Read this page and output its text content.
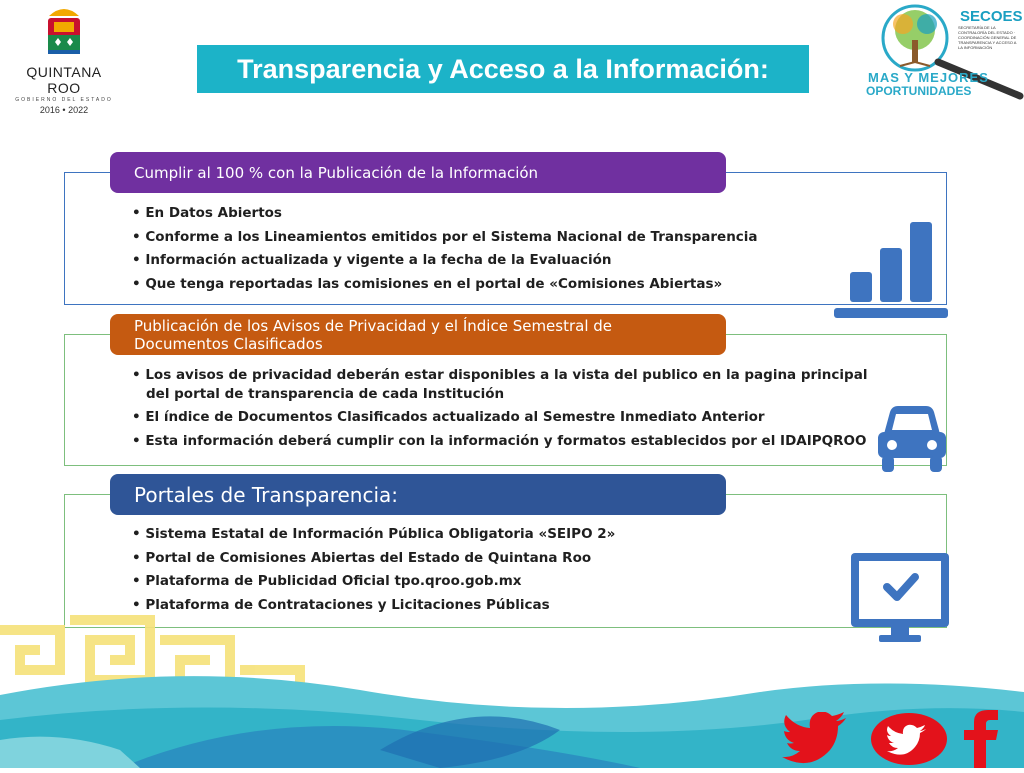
QUINTANA ROO
GOBIERNO DEL ESTADO
2016 • 2022
Transparencia y Acceso a la Información:
SECOES
SECRETARÍA DE LA CONTRALORÍA DEL ESTADO · COORDINACIÓN GENERAL DE TRANSPARENCIA Y ACCESO A LA INFORMACIÓN
MAS Y MEJORES
OPORTUNIDADES
Cumplir al 100 % con la Publicación de la Información
• En Datos Abiertos
• Conforme a los Lineamientos emitidos por el Sistema Nacional de Transparencia
• Información actualizada y vigente a la fecha de la Evaluación
• Que tenga reportadas las comisiones en el portal de «Comisiones Abiertas»
Publicación de los Avisos de Privacidad y el Índice Semestral de Documentos Clasificados
• Los avisos de privacidad deberán estar disponibles a la vista del publico en la pagina principal del portal de transparencia de cada Institución
• El índice de Documentos Clasificados actualizado al Semestre Inmediato Anterior
• Esta información deberá cumplir con la información y formatos establecidos por el IDAIPQROO
Portales de Transparencia:
• Sistema Estatal de Información Pública Obligatoria «SEIPO 2»
• Portal de Comisiones Abiertas del Estado de Quintana Roo
• Plataforma de Publicidad Oficial tpo.qroo.gob.mx
• Plataforma de Contrataciones y Licitaciones Públicas
